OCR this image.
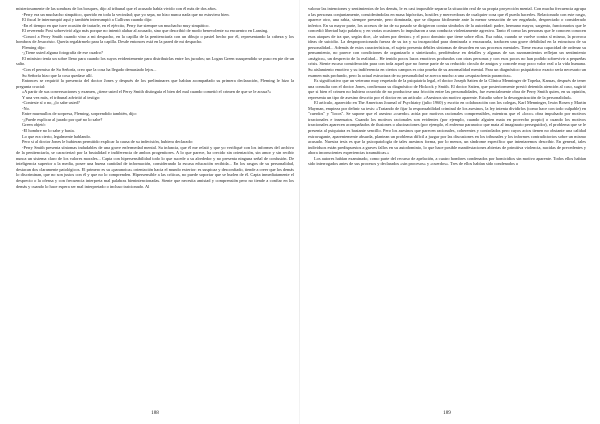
misteriosamente de las sombras de los bosques, dijo al tribunal que el acusado había vivido con él más de dos años.

-Perry era un muchacho simpático, querido en toda la vecindad; que yo sepa, no hizo nunca nada que no estuviera bien.

El fiscal le interrumpió aquí y también interrumpió a Cullivan cuando dijo:

-En el tiempo en que tuve ocasión de tratarle, en el ejército, Perry fue siempre un muchacho muy simpático.

El reverendo Post sobrevivió algo más porque no intentó alabar al acusado, sino que describió de modo benevolente su encuentro en Lansing.

-Conocí a Perry Smith cuando vino a mi despacho, en la capilla de la penitenciaría con un dibujo o pastel hecho por él, representando la cabeza y los hombros de Jesucristo. Quería regalármelo para la capilla. Desde entonces está en la pared de mi despacho.

Fleming dijo:

-¿Tiene usted alguna fotografía de ese cuadro?

El ministro tenía un sobre lleno para cuando los suyos evidentemente para distribuirlas entre los jurados; un Logan Green susupendido se puso en pie de un salto.

-Con el permiso de Su Señoría, creo que la cosa ha llegado demasiado lejos...

Su Señoría hizo que la cosa quedase allí.

Entonces se requirió la presencia del doctor Jones y después de los preliminares que habían acompañado su primera declaración, Fleming le hizo la pregunta crucial:

«A partir de sus conversaciones y examen, ¿tiene usted el Perry Smith distinguía el bien del mal cuando cometió el crimen de que se le acusa?»

Y una vez más, el tribunal advirtió al testigo:

-Conteste sí o no, ¿lo sabe usted?

-No.

Entre murmullos de sorpresa, Fleming, sorprendido también, dijo:

-¿Puede explicar al jurado por qué no lo sabe?

Green objetó:

-El hombre no lo sabe y basta.

Lo que era cierto, legalmente hablando.

Pero si al doctor Jones le hubieran permitido explicar la causa de su indecisión, hubiera declarado:

-Perry Smith presenta síntomas indudables de una grave enfermedad mental. Su infancia, que él me relató y que yo verifiqué con los informes del archivo de la penitenciaría, se caracterizó por la brutalidad e indiferencia de ambos progenitores. A lo que parece, ha crecido sin orientación, sin amor y sin recibir nunca un sistema claro de los valores morales... Capta con hipersensibilidad todo lo que sucede a su alrededor y no presenta ninguna señal de confusión. De inteligencia superior a la media, posee una buena cantidad de información, considerando la escasa educación recibida... En los rasgos de su personalidad, destacan dos claramente patológicos. El primero es su «paranoica» orientación hacia el mundo exterior: es suspicaz y desconfiado, tiende a creer que los demás lo discriminan, que no son justos con él y que no lo comprenden. Hipersensible a las críticas, no puede soportar que se burlen de él. Capta inmediatamente el desprecio o la ofensa y con frecuencia interpreta mal palabras bienintencionadas. Siente que necesita amistad y comprensión pero no tiende a confiar en los demás y cuando lo hace espera ser mal interpretado o incluso traicionado. Al

188

valorar las intenciones y sentimientos de los demás, le es casi imposible separar la situación real de su propia proyección mental. Con mucha frecuencia agrupa a las personas conjuntamente, considerándolas en masa hipócritas, hostiles y merecedoras de cualquier cosa que él pueda hacerles. Relacionado con este rasgo, aparece otro, una rabia, siempre presente, pero dominada, que se dispara fácilmente ante la menor sensación de ser engañado, despreciado o considerado inferior. En su mayor parte, los accesos de ira de su pasado se dirigieron contra símbolos de la autoridad: padre, hermano mayor, sargento, funcionarios que le concedió libertad bajo palabra; y en varias ocasiones lo impulsaron a una conducta violentamente agresiva. Tanto él como las personas que le conocen conocen esos ataques de ira que, según dice, «le suben por dentro» y el poco dominio que tiene sobre ellos. Esa rabia, cuando se vuelve contra sí mismo, la provoca ideas de suicidio. La desproporcionada fuerza de su ira y su incapacidad para dominarla o encauzarla, traducen una grave debilidad en la estructura de su personalidad... Además de estos características, el sujeto presenta débiles síntomas de desorden en sus procesos mentales. Tiene escasa capacidad de ordenar su pensamiento, no parece con condiciones de organizarlo o sintetizarlo, perdiéndose en detalles y algunas de sus razonamientos reflejan un sentimiento «mágico», un desprecio de la realidad... He tenido pocos lazos emotivos profundos con otras personas y con esos pocos no han podido sobrevivir a pequeñas crisis. Siente escaso consideración para con toda aquel que no forme parte de su reducido círculo de amigos y concede muy poco valor real a la vida humana. Su aislamiento emotivo y su indiferencia en ciertos campos es otra prueba de su anormalidad mental. Para un diagnóstico psiquiátrico exacto sería necesario un examen más profundo, pero la actual estructura de su personalidad se acerca mucho a una «esquizofrenia paranoica».

Es significativo que un veterano muy respetado de la psiquiatría legal, el doctor Joseph Satten de la Clínica Menninger de Topeka, Kansas, después de tener una consulta con el doctor Jones, confirmara su diagnóstico de Hickock y Smith. El doctor Satten, que posteriormente prestó detenida atención al caso, sugirió que si bien el crimen no hubiera ocurrido de no producirse una fricción entre las personalidades, fue esencialmente obra de Perry Smith quien, en su opinión, representa un tipo de asesino descrito por el doctor en un artículo: «Asesinos sin motivo aparente. Estudio sobre la desorganización de la personalidad».

El artículo, aparecido en The American Journal of Psychiatry (julio 1960) y escrito en colaboración con los colegas, Karl Menninger, Irwin Rosen y Martin Mayman, empieza por definir su tesis: «Tratando de fijar la responsabilidad criminal de los asesinos, la ley intenta dividirlos (como hace con todo culpable) en "cuerdos" y "locos". Se supone que el asesino «cuerdo» actúa por motivos racionales comprensibles, mientras que el «loco» obra impulsado por motivos irracionales e insensatos. Cuando los motivos racionales son evidentes (por ejemplo, cuando alguien mata en provecho propio) o cuando los motivos irracionales aparecen acompañados de ilusiones o alucinaciones (por ejemplo, el enfermo paranoico que mata al imaginario perseguidor), el problema que se le presenta al psiquiatra es bastante sencillo. Pero los asesinos que parecen racionales, coherentes y controlados pero cuyos actos tienen no obstante una calidad extravagante, aparentemente absurda, plantean un problema difícil a juzgar por las discusiones en los tribunales y los informes contradictorios sobre un mismo acusado. Nuestra tesis es que la psicopatología de tales asesinos forma, por lo menos, un síndrome específico que intentaremos describir. En general, tales individuos están predispuestos a graves fallos en su autodominio, lo que hace posible manifestaciones abiertas de primitiva violencia, nacidas de precedentes y ahora inconscientes experiencias traumáticas.»

Los autores habían examinado, como parte del recurso de apelación, a cuatro hombres condenados por homicidios sin motivo aparente. Todos ellos habían sido interrogados antes de sus procesos y declarados «sin procesos» y «cuerdos». Tres de ellos habían sido condenados a

189
